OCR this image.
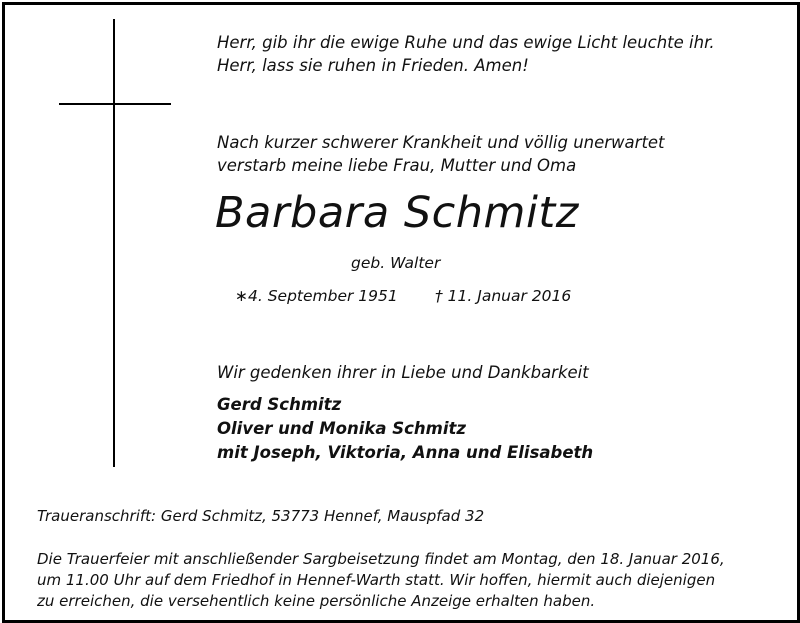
Herr, gib ihr die ewige Ruhe und das ewige Licht leuchte ihr.
Herr, lass sie ruhen in Frieden. Amen!
Nach kurzer schwerer Krankheit und völlig unerwartet
verstarb meine liebe Frau, Mutter und Oma
Barbara Schmitz
geb. Walter
∗4. September 1951 † 11. Januar 2016
Wir gedenken ihrer in Liebe und Dankbarkeit
Gerd Schmitz
Oliver und Monika Schmitz
mit Joseph, Viktoria, Anna und Elisabeth
Traueranschrift: Gerd Schmitz, 53773 Hennef, Mauspfad 32
Die Trauerfeier mit anschließender Sargbeisetzung findet am Montag, den 18. Januar 2016,
um 11.00 Uhr auf dem Friedhof in Hennef-Warth statt. Wir hoffen, hiermit auch diejenigen
zu erreichen, die versehentlich keine persönliche Anzeige erhalten haben.
